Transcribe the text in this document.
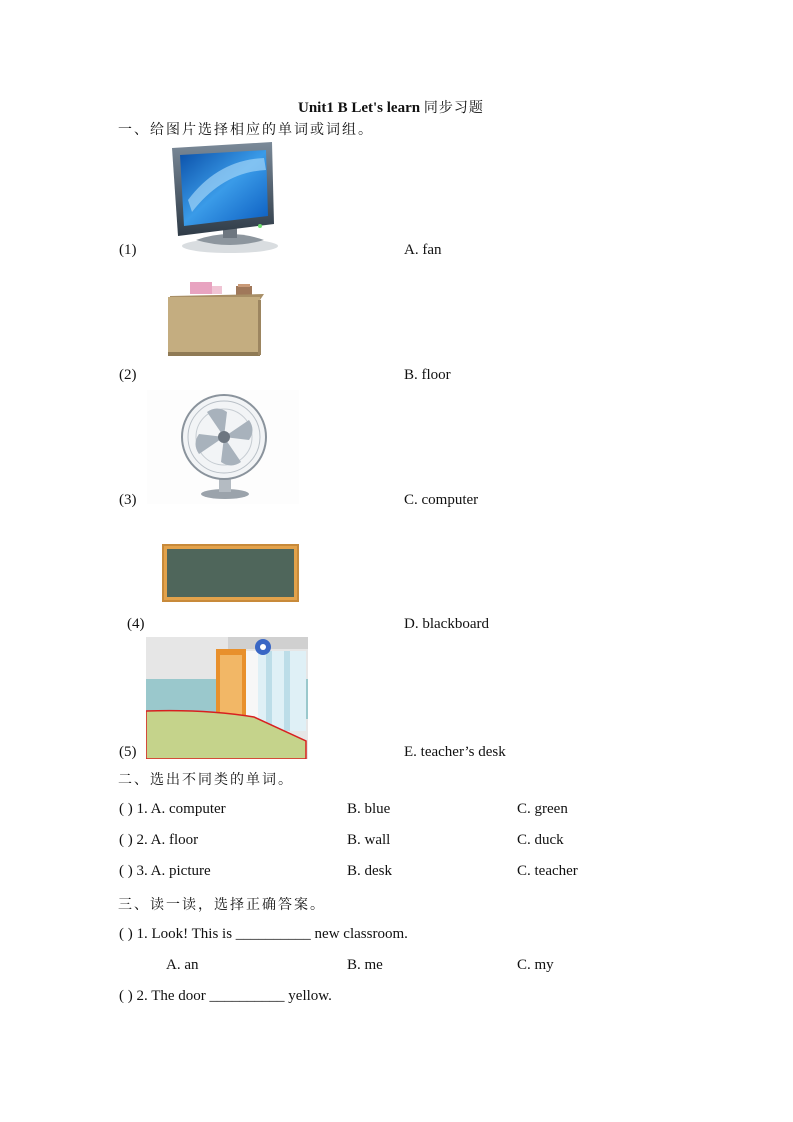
Unit1 B Let's learn 同步习题
一、给图片选择相应的单词或词组。
(1)	A. fan
(2)	B. floor
(3)	C. computer
(4)	D. blackboard
(5)	E. teacher’s desk
二、选出不同类的单词。
( ) 1. A. computer	B. blue	C. green
( ) 2. A. floor	B. wall	C. duck
( ) 3. A. picture	B. desk	C. teacher
三、读一读，选择正确答案。
( ) 1. Look! This is __________ new classroom.
A. an	B. me	C. my
( ) 2. The door __________ yellow.
